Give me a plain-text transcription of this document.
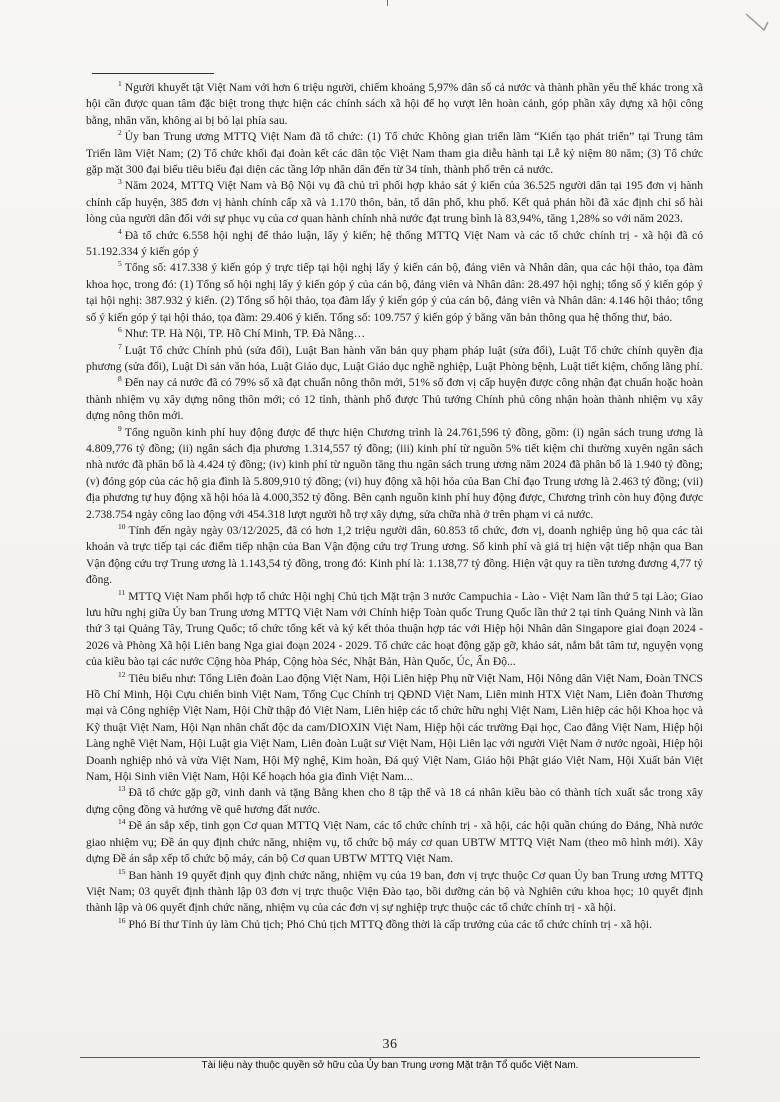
$^1$ Người khuyết tật Việt Nam với hơn 6 triệu người, chiếm khoảng 5,97% dân số cả nước và thành phần yếu thế khác trong xã hội cần được quan tâm đặc biệt trong thực hiện các chính sách xã hội để họ vượt lên hoàn cảnh, góp phần xây dựng xã hội công bằng, nhân văn, không ai bị bỏ lại phía sau.

$^2$ Ủy ban Trung ương MTTQ Việt Nam đã tổ chức: (1) Tổ chức Không gian triển lãm “Kiến tạo phát triển” tại Trung tâm Triển lãm Việt Nam; (2) Tổ chức khối đại đoàn kết các dân tộc Việt Nam tham gia diễu hành tại Lễ kỷ niệm 80 năm; (3) Tổ chức gặp mặt 300 đại biểu tiêu biểu đại diện các tầng lớp nhân dân đến từ 34 tỉnh, thành phố trên cả nước.

$^3$ Năm 2024, MTTQ Việt Nam và Bộ Nội vụ đã chủ trì phối hợp khảo sát ý kiến của 36.525 người dân tại 195 đơn vị hành chính cấp huyện, 385 đơn vị hành chính cấp xã và 1.170 thôn, bản, tổ dân phố, khu phố. Kết quả phản hồi đã xác định chỉ số hài lòng của người dân đối với sự phục vụ của cơ quan hành chính nhà nước đạt trung bình là 83,94%, tăng 1,28% so với năm 2023.

$^4$ Đã tổ chức 6.558 hội nghị để thảo luận, lấy ý kiến; hệ thống MTTQ Việt Nam và các tổ chức chính trị - xã hội đã có 51.192.334 ý kiến góp ý

$^5$ Tổng số: 417.338 ý kiến góp ý trực tiếp tại hội nghị lấy ý kiến cán bộ, đảng viên và Nhân dân, qua các hội thảo, tọa đàm khoa học, trong đó: (1) Tổng số hội nghị lấy ý kiến góp ý của cán bộ, đảng viên và Nhân dân: 28.497 hội nghị; tổng số ý kiến góp ý tại hội nghị: 387.932 ý kiến. (2) Tổng số hội thảo, tọa đàm lấy ý kiến góp ý của cán bộ, đảng viên và Nhân dân: 4.146 hội thảo; tổng số ý kiến góp ý tại hội thảo, tọa đàm: 29.406 ý kiến. Tổng số: 109.757 ý kiến góp ý bằng văn bản thông qua hệ thống thư, báo.

$^6$ Như: TP. Hà Nội, TP. Hồ Chí Minh, TP. Đà Nẵng…

$^7$ Luật Tổ chức Chính phủ (sửa đổi), Luật Ban hành văn bản quy phạm pháp luật (sửa đổi), Luật Tổ chức chính quyền địa phương (sửa đổi), Luật Di sản văn hóa, Luật Giáo dục, Luật Giáo dục nghề nghiệp, Luật Phòng bệnh, Luật tiết kiệm, chống lãng phí.

$^8$ Đến nay cả nước đã có 79% số xã đạt chuẩn nông thôn mới, 51% số đơn vị cấp huyện được công nhận đạt chuẩn hoặc hoàn thành nhiệm vụ xây dựng nông thôn mới; có 12 tỉnh, thành phố được Thủ tướng Chính phủ công nhận hoàn thành nhiệm vụ xây dựng nông thôn mới.

$^9$ Tổng nguồn kinh phí huy động được để thực hiện Chương trình là 24.761,596 tỷ đồng, gồm: (i) ngân sách trung ương là 4.809,776 tỷ đồng; (ii) ngân sách địa phương 1.314,557 tỷ đồng; (iii) kinh phí từ nguồn 5% tiết kiệm chi thường xuyên ngân sách nhà nước đã phân bổ là 4.424 tỷ đồng; (iv) kinh phí từ nguồn tăng thu ngân sách trung ương năm 2024 đã phân bổ là 1.940 tỷ đồng; (v) đóng góp của các hộ gia đình là 5.809,910 tỷ đồng; (vi) huy động xã hội hóa của Ban Chỉ đạo Trung ương là 2.463 tỷ đồng; (vii) địa phương tự huy động xã hội hóa là 4.000,352 tỷ đồng. Bên cạnh nguồn kinh phí huy động được, Chương trình còn huy động được 2.738.754 ngày công lao động với 454.318 lượt người hỗ trợ xây dựng, sửa chữa nhà ở trên phạm vi cả nước.

$^{10}$ Tính đến ngày ngày 03/12/2025, đã có hơn 1,2 triệu người dân, 60.853 tổ chức, đơn vị, doanh nghiệp ủng hộ qua các tài khoản và trực tiếp tại các điểm tiếp nhận của Ban Vận động cứu trợ Trung ương. Số kinh phí và giá trị hiện vật tiếp nhận qua Ban Vận động cứu trợ Trung ương là 1.143,54 tỷ đồng, trong đó: Kinh phí là: 1.138,77 tỷ đồng. Hiện vật quy ra tiền tương đương 4,77 tỷ đồng.

$^{11}$ MTTQ Việt Nam phối hợp tổ chức Hội nghị Chủ tịch Mặt trận 3 nước Campuchia - Lào - Việt Nam lần thứ 5 tại Lào; Giao lưu hữu nghị giữa Ủy ban Trung ương MTTQ Việt Nam với Chính hiệp Toàn quốc Trung Quốc lần thứ 2 tại tỉnh Quảng Ninh và lần thứ 3 tại Quảng Tây, Trung Quốc; tổ chức tổng kết và ký kết thỏa thuận hợp tác với Hiệp hội Nhân dân Singapore giai đoạn 2024 - 2026 và Phòng Xã hội Liên bang Nga giai đoạn 2024 - 2029. Tổ chức các hoạt động gặp gỡ, khảo sát, nắm bắt tâm tư, nguyện vọng của kiều bào tại các nước Cộng hòa Pháp, Cộng hòa Séc, Nhật Bản, Hàn Quốc, Úc, Ấn Độ...

$^{12}$ Tiêu biểu như: Tổng Liên đoàn Lao động Việt Nam, Hội Liên hiệp Phụ nữ Việt Nam, Hội Nông dân Việt Nam, Đoàn TNCS Hồ Chí Minh, Hội Cựu chiến binh Việt Nam, Tổng Cục Chính trị QĐND Việt Nam, Liên minh HTX Việt Nam, Liên đoàn Thương mại và Công nghiệp Việt Nam, Hội Chữ thập đỏ Việt Nam, Liên hiệp các tổ chức hữu nghị Việt Nam, Liên hiệp các hội Khoa học và Kỹ thuật Việt Nam, Hội Nạn nhân chất độc da cam/DIOXIN Việt Nam, Hiệp hội các trường Đại học, Cao đẳng Việt Nam, Hiệp hội Làng nghề Việt Nam, Hội Luật gia Việt Nam, Liên đoàn Luật sư Việt Nam, Hội Liên lạc với người Việt Nam ở nước ngoài, Hiệp hội Doanh nghiệp nhỏ và vừa Việt Nam, Hội Mỹ nghệ, Kim hoàn, Đá quý Việt Nam, Giáo hội Phật giáo Việt Nam, Hội Xuất bản Việt Nam, Hội Sinh viên Việt Nam, Hội Kế hoạch hóa gia đình Việt Nam...

$^{13}$ Đã tổ chức gặp gỡ, vinh danh và tặng Bằng khen cho 8 tập thể và 18 cá nhân kiều bào có thành tích xuất sắc trong xây dựng cộng đồng và hướng về quê hương đất nước.

$^{14}$ Đề án sắp xếp, tinh gọn Cơ quan MTTQ Việt Nam, các tổ chức chính trị - xã hội, các hội quần chúng do Đảng, Nhà nước giao nhiệm vụ; Đề án quy định chức năng, nhiệm vụ, tổ chức bộ máy cơ quan UBTW MTTQ Việt Nam (theo mô hình mới). Xây dựng Đề án sắp xếp tổ chức bộ máy, cán bộ Cơ quan UBTW MTTQ Việt Nam.

$^{15}$ Ban hành 19 quyết định quy định chức năng, nhiệm vụ của 19 ban, đơn vị trực thuộc Cơ quan Ủy ban Trung ương MTTQ Việt Nam; 03 quyết định thành lập 03 đơn vị trực thuộc Viện Đào tạo, bồi dưỡng cán bộ và Nghiên cứu khoa học; 10 quyết định thành lập và 06 quyết định chức năng, nhiệm vụ của các đơn vị sự nghiệp trực thuộc các tổ chức chính trị - xã hội.

$^{16}$ Phó Bí thư Tỉnh ủy làm Chủ tịch; Phó Chủ tịch MTTQ đồng thời là cấp trưởng của các tổ chức chính trị - xã hội.

36
Tài liệu này thuộc quyền sở hữu của Ủy ban Trung ương Mặt trận Tổ quốc Việt Nam.
